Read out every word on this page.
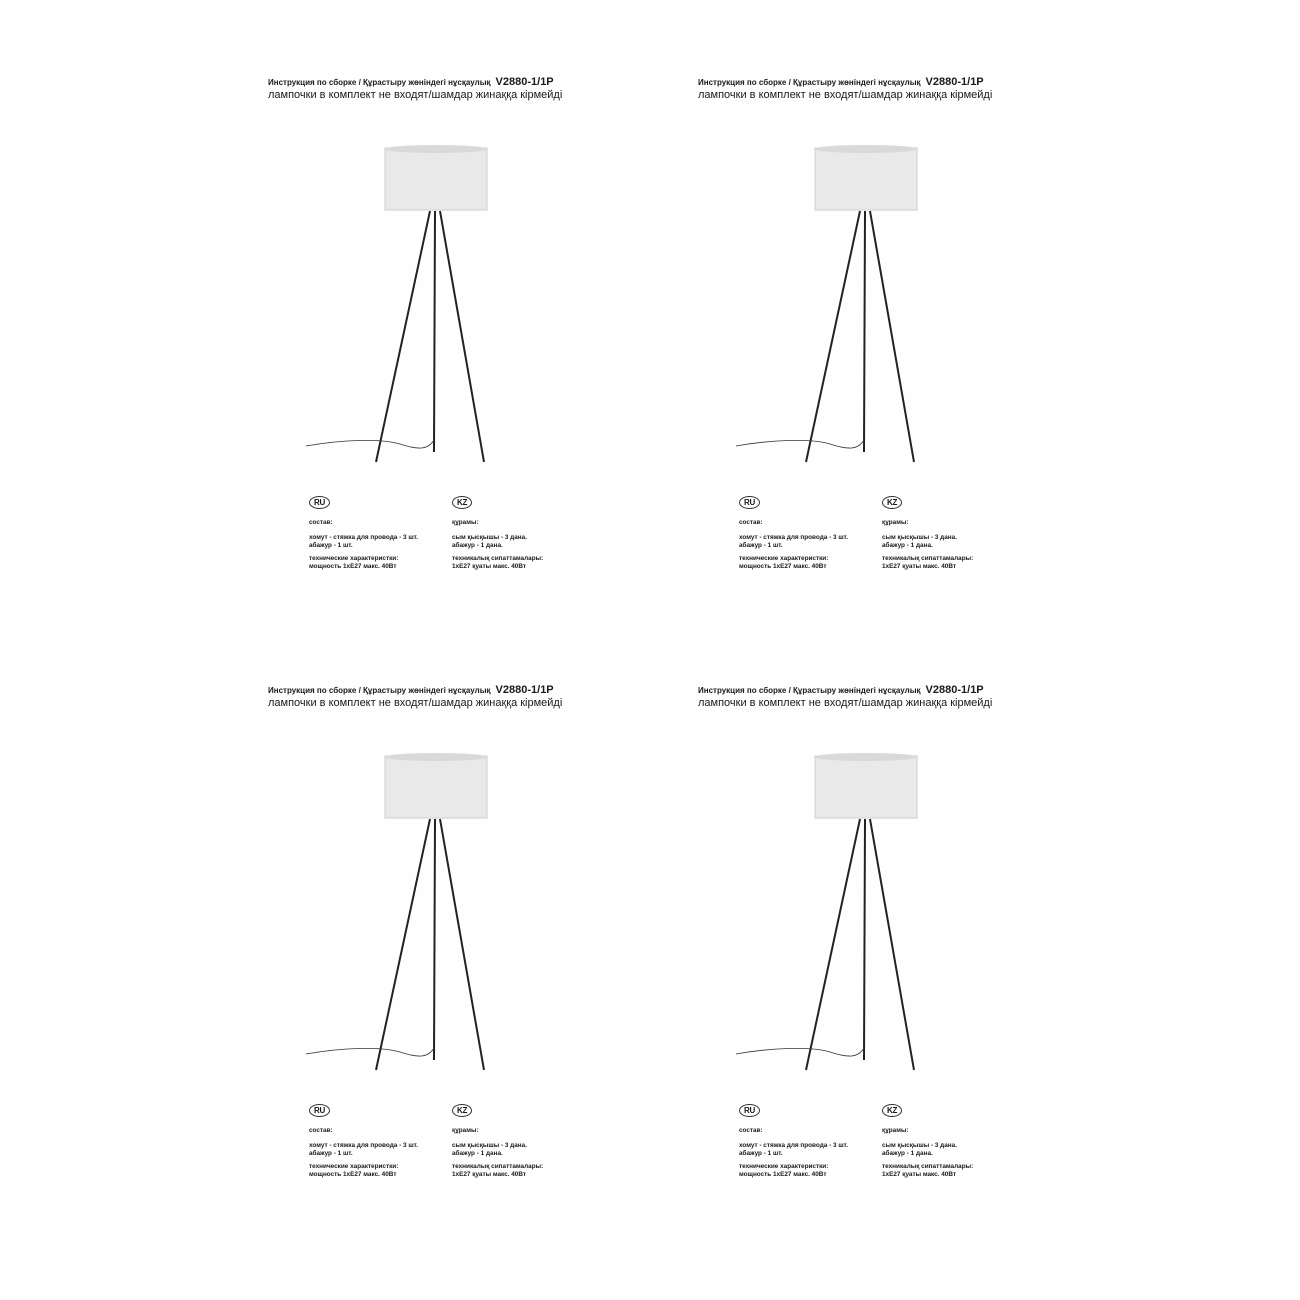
Инструкция по сборке / Құрастыру жөніндегі нұсқаулық V2880-1/1P
лампочки в комплект не входят/шамдар жинаққа кірмейді
RU
состав:
хомут - стяжка для провода - 3 шт.
абажур - 1 шт.
технические характеристки:
мощность 1хЕ27 макс. 40Вт
KZ
құрамы:
сым қысқышы - 3 дана.
абажур - 1 дана.
техникалық сипаттамалары:
1хЕ27 қуаты макс. 40Вт
Инструкция по сборке / Құрастыру жөніндегі нұсқаулық V2880-1/1P
лампочки в комплект не входят/шамдар жинаққа кірмейді
RU
состав:
хомут - стяжка для провода - 3 шт.
абажур - 1 шт.
технические характеристки:
мощность 1хЕ27 макс. 40Вт
KZ
құрамы:
сым қысқышы - 3 дана.
абажур - 1 дана.
техникалық сипаттамалары:
1хЕ27 қуаты макс. 40Вт
Инструкция по сборке / Құрастыру жөніндегі нұсқаулық V2880-1/1P
лампочки в комплект не входят/шамдар жинаққа кірмейді
RU
состав:
хомут - стяжка для провода - 3 шт.
абажур - 1 шт.
технические характеристки:
мощность 1хЕ27 макс. 40Вт
KZ
құрамы:
сым қысқышы - 3 дана.
абажур - 1 дана.
техникалық сипаттамалары:
1хЕ27 қуаты макс. 40Вт
Инструкция по сборке / Құрастыру жөніндегі нұсқаулық V2880-1/1P
лампочки в комплект не входят/шамдар жинаққа кірмейді
RU
состав:
хомут - стяжка для провода - 3 шт.
абажур - 1 шт.
технические характеристки:
мощность 1хЕ27 макс. 40Вт
KZ
құрамы:
сым қысқышы - 3 дана.
абажур - 1 дана.
техникалық сипаттамалары:
1хЕ27 қуаты макс. 40Вт
